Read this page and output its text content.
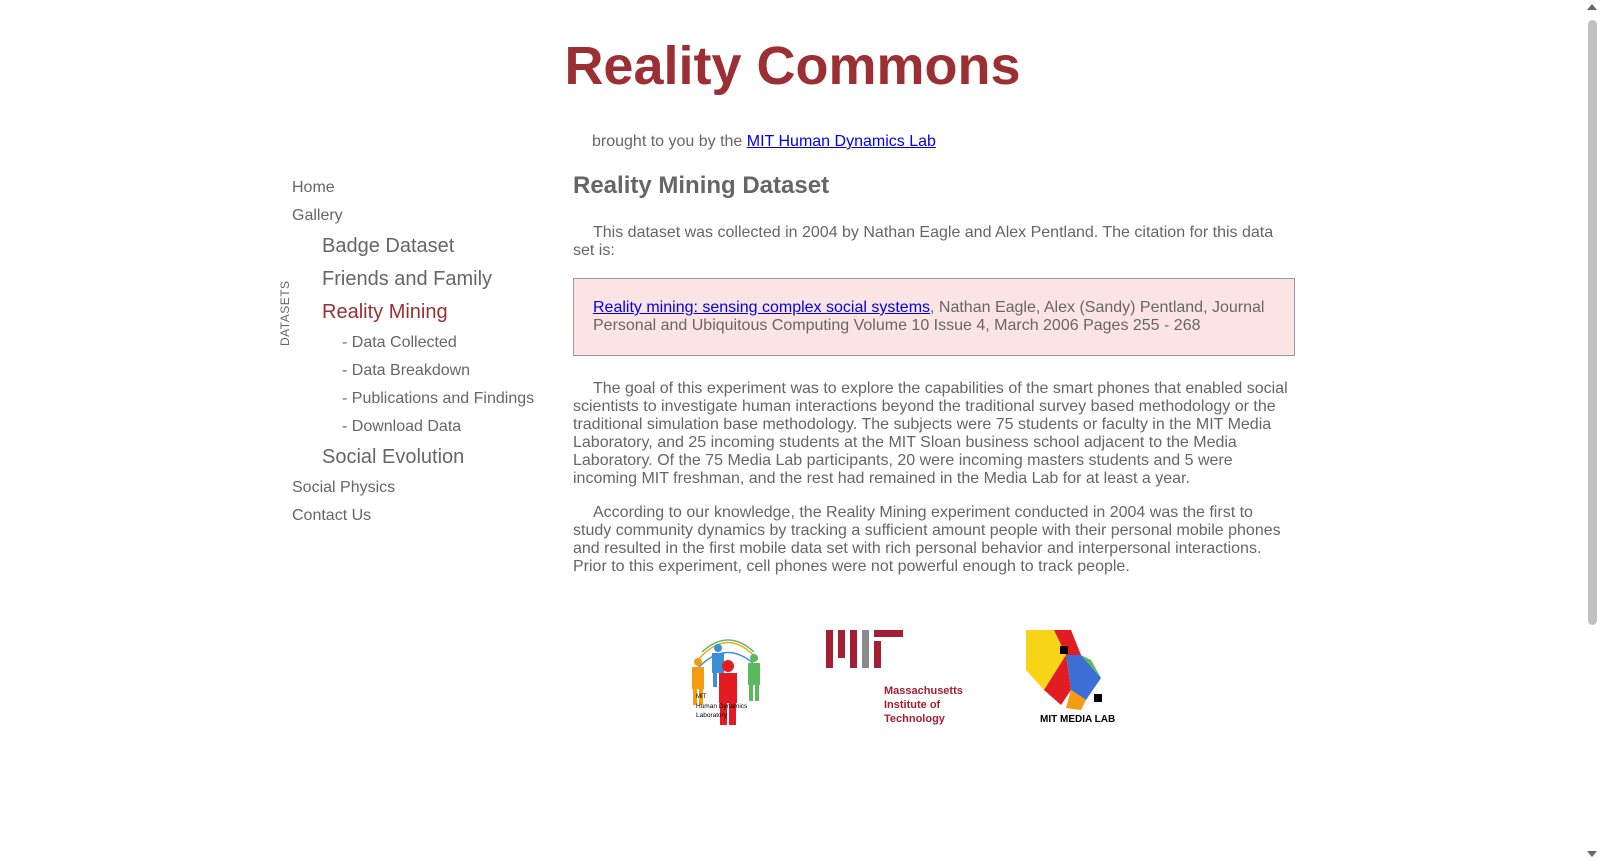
Reality Commons
brought to you by the MIT Human Dynamics Lab
Home
Gallery
DATASETS
Badge Dataset
Friends and Family
Reality Mining
- Data Collected
- Data Breakdown
- Publications and Findings
- Download Data
Social Evolution
Social Physics
Contact Us
Reality Mining Dataset

This dataset was collected in 2004 by Nathan Eagle and Alex Pentland. The citation for this data set is:

Reality mining: sensing complex social systems, Nathan Eagle, Alex (Sandy) Pentland, Journal Personal and Ubiquitous Computing Volume 10 Issue 4, March 2006 Pages 255 - 268

The goal of this experiment was to explore the capabilities of the smart phones that enabled social scientists to investigate human interactions beyond the traditional survey based methodology or the traditional simulation base methodology. The subjects were 75 students or faculty in the MIT Media Laboratory, and 25 incoming students at the MIT Sloan business school adjacent to the Media Laboratory. Of the 75 Media Lab participants, 20 were incoming masters students and 5 were incoming MIT freshman, and the rest had remained in the Media Lab for at least a year.

According to our knowledge, the Reality Mining experiment conducted in 2004 was the first to study community dynamics by tracking a sufficient amount people with their personal mobile phones and resulted in the first mobile data set with rich personal behavior and interpersonal interactions. Prior to this experiment, cell phones were not powerful enough to track people.

MIT
Human Dynamics
Laboratory
Massachusetts
Institute of
Technology	MIT MEDIA LAB
